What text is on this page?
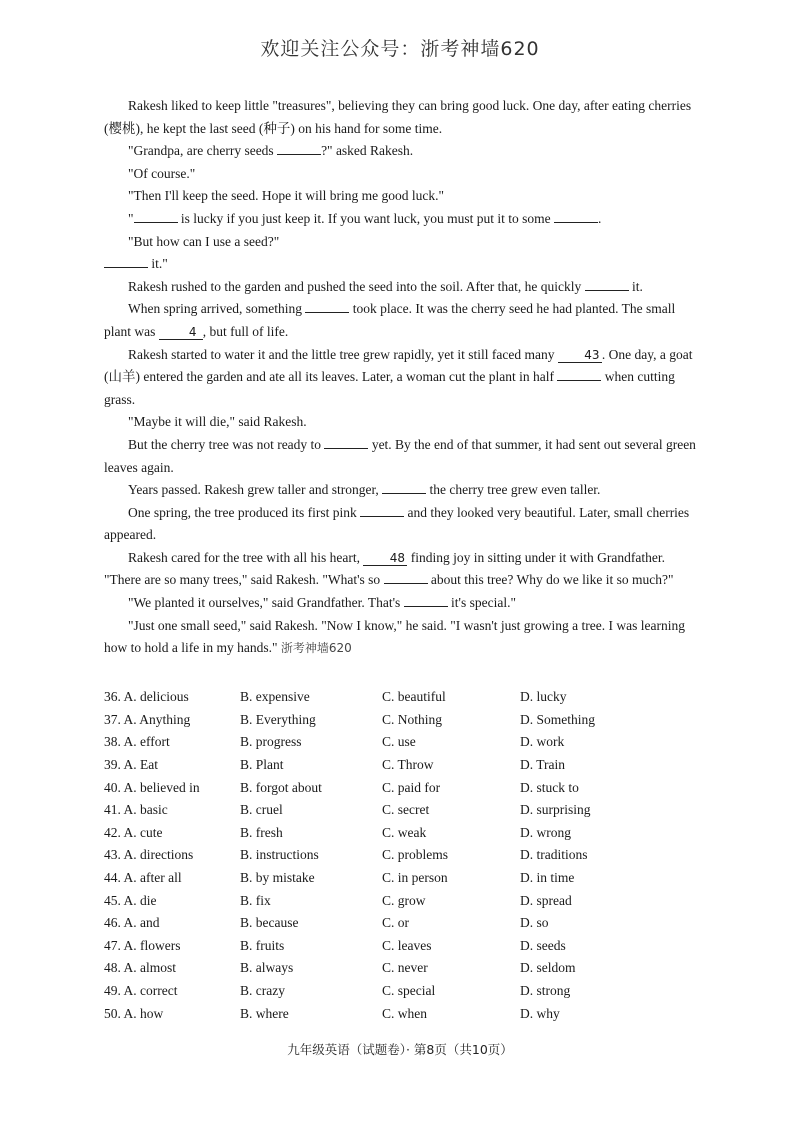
欢迎关注公众号：浙考神墙620

Rakesh liked to keep little "treasures", believing they can bring good luck. One day, after eating cherries (樱桃), he kept the last seed (种子) on his hand for some time.

"Grandpa, are cherry seeds	?" asked Rakesh.

"Of course."

"Then I'll keep the seed. Hope it will bring me good luck."

"	is lucky if you just keep it. If you want luck, you must put it to some	.

"But how can I use a seed?"

it."

Rakesh rushed to the garden and pushed the seed into the soil. After that, he quickly	it.

When spring arrived, something	took place. It was the cherry seed he had planted. The small plant was	4 , but full of life.

Rakesh started to water it and the little tree grew rapidly, yet it still faced many 43 . One day, a goat (山羊) entered the garden and ate all its leaves. Later, a woman cut the plant in half	when cutting grass.

"Maybe it will die," said Rakesh.

But the cherry tree was not ready to	yet. By the end of that summer, it had sent out several green leaves again.

Years passed. Rakesh grew taller and stronger,	the cherry tree grew even taller.

One spring, the tree produced its first pink	and they looked very beautiful. Later, small cherries appeared.

Rakesh cared for the tree with all his heart, 48 finding joy in sitting under it with Grandfather. "There are so many trees," said Rakesh. "What's so	about this tree? Why do we like it so much?"

"We planted it ourselves," said Grandfather. That's	it's special."

"Just one small seed," said Rakesh. "Now I know," he said. "I wasn't just growing a tree. I was learning how to hold a life in my hands." 浙考神墙620

36. A. delicious	B. expensive	C. beautiful	D. lucky
37. A. Anything	B. Everything	C. Nothing	D. Something
38. A. effort	B. progress	C. use	D. work
39. A. Eat	B. Plant	C. Throw	D. Train
40. A. believed in	B. forgot about	C. paid for	D. stuck to
41. A. basic	B. cruel	C. secret	D. surprising
42. A. cute	B. fresh	C. weak	D. wrong
43. A. directions	B. instructions	C. problems	D. traditions
44. A. after all	B. by mistake	C. in person	D. in time
45. A. die	B. fix	C. grow	D. spread
46. A. and	B. because	C. or	D. so
47. A. flowers	B. fruits	C. leaves	D. seeds
48. A. almost	B. always	C. never	D. seldom
49. A. correct	B. crazy	C. special	D. strong
50. A. how	B. where	C. when	D. why
九年级英语（试题卷）· 第8页（共10页）
